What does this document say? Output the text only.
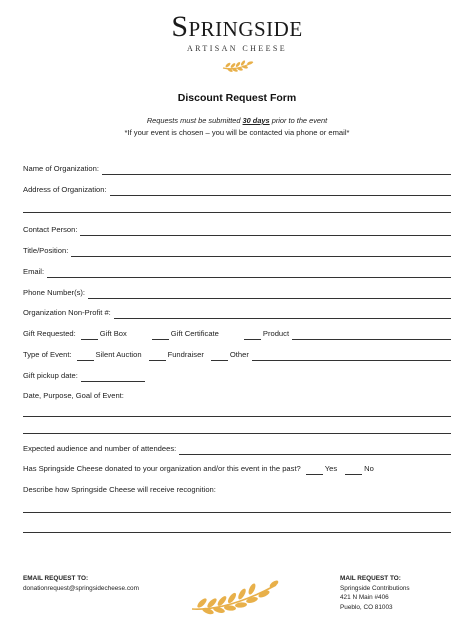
Springside
ARTISAN CHEESE
Discount Request Form
Requests must be submitted 30 days prior to the event
*If your event is chosen – you will be contacted via phone or email*
Name of Organization:
Address of Organization:
Contact Person:
Title/Position:
Email:
Phone Number(s):
Organization Non-Profit #:
Gift Requested:	Gift Box	Gift Certificate	Product
Type of Event:	Silent Auction	Fundraiser	Other
Gift pickup date:
Date, Purpose, Goal of Event:
Expected audience and number of attendees:
Has Springside Cheese donated to your organization and/or this event in the past?	Yes	No
Describe how Springside Cheese will receive recognition:
EMAIL REQUEST TO:
donationrequest@springsidecheese.com
MAIL REQUEST TO:
Springside Contributions
421 N Main #406
Pueblo, CO 81003
